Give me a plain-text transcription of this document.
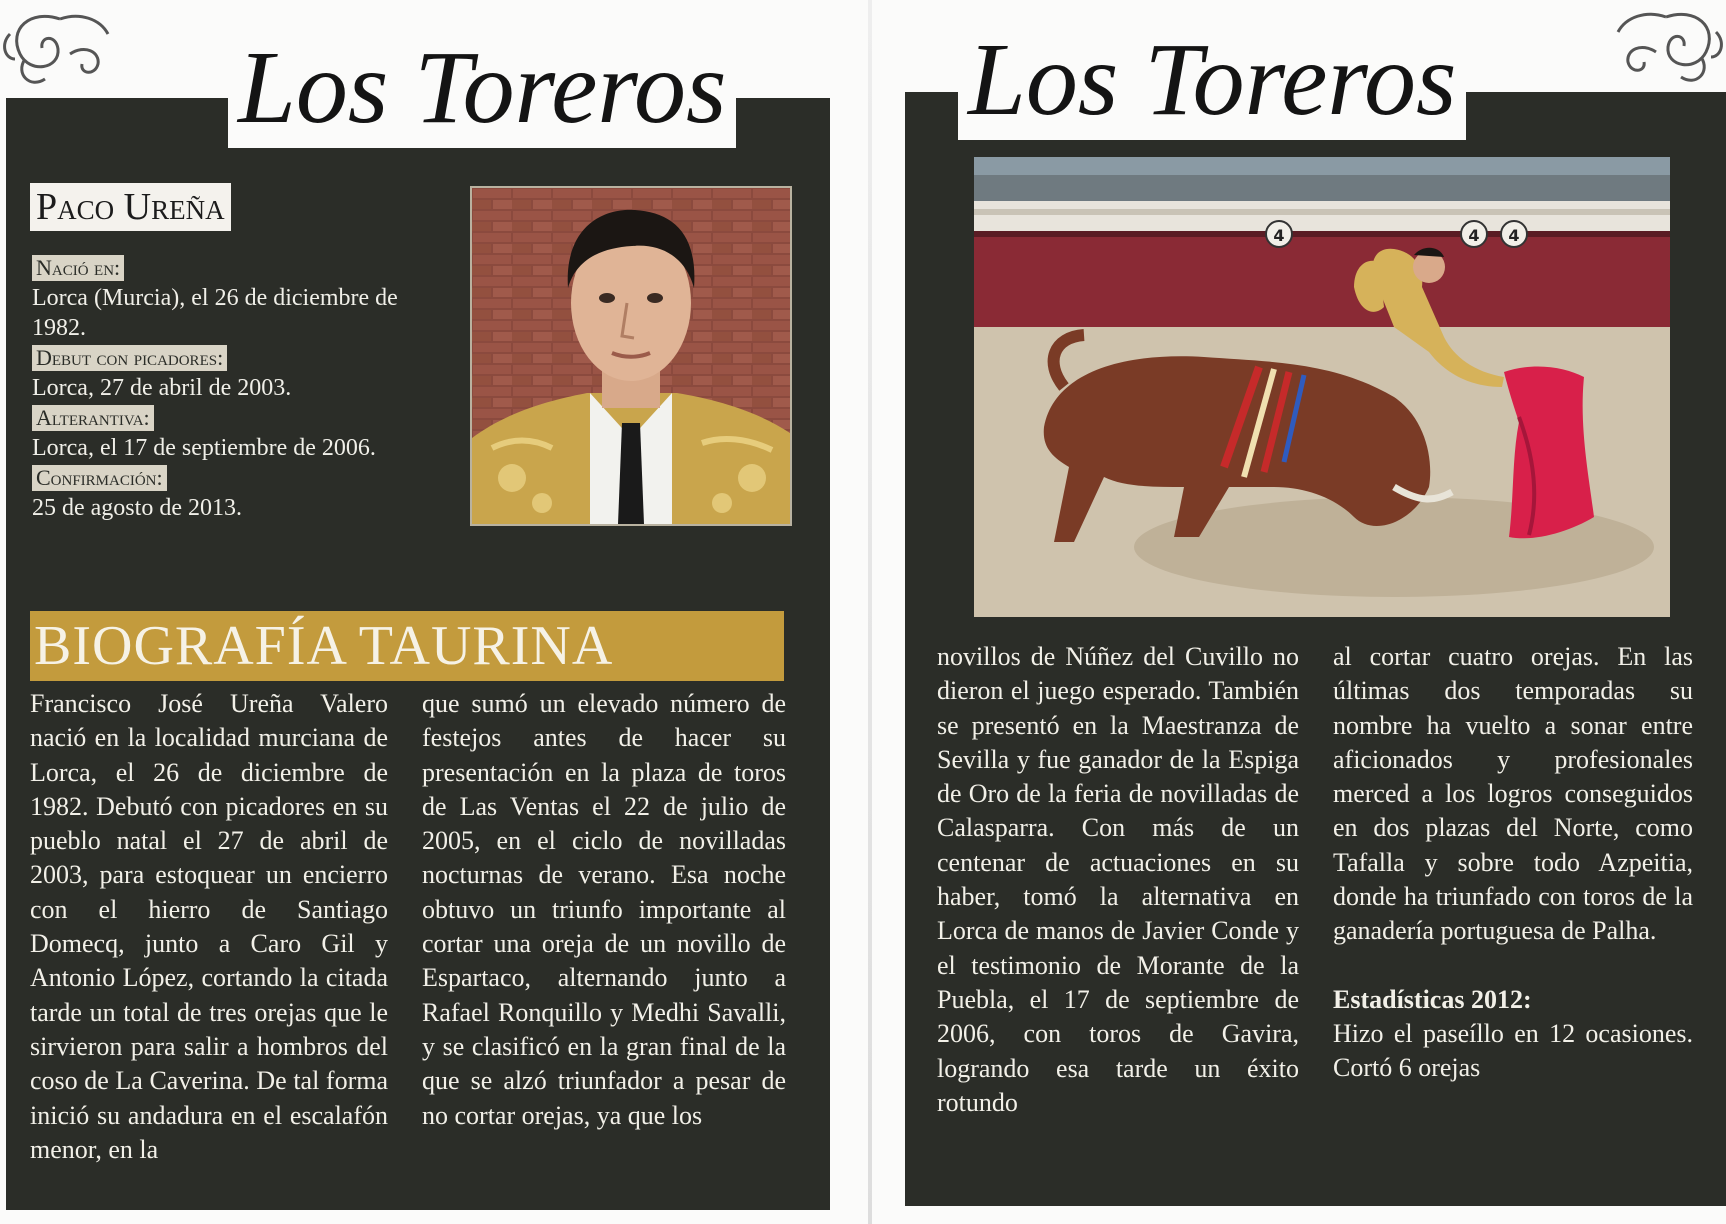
Los Toreros
Paco Ureña
Nació en:
Lorca (Murcia), el 26 de diciembre de 1982.
Debut con picadores:
Lorca, 27 de abril de 2003.
Alterantiva:
Lorca, el 17 de septiembre de 2006.
Confirmación:
25 de agosto de 2013.
BIOGRAFÍA TAURINA
Francisco José Ureña Valero nació en la localidad murciana de Lorca, el 26 de diciembre de 1982. Debutó con picadores en su pueblo natal el 27 de abril de 2003, para estoquear un encierro con el hierro de Santiago Domecq, junto a Caro Gil y Antonio López, cortando la citada tarde un total de tres orejas que le sirvieron para salir a hombros del coso de La Caverina. De tal forma inició su andadura en el escalafón menor, en la
que sumó un elevado número de festejos antes de hacer su presentación en la plaza de toros de Las Ventas el 22 de julio de 2005, en el ciclo de novilladas nocturnas de verano. Esa noche obtuvo un triunfo importante al cortar una oreja de un novillo de Espartaco, alternando junto a Rafael Ronquillo y Medhi Savalli, y se clasificó en la gran final de la que se alzó triunfador a pesar de no cortar orejas, ya que los
Los Toreros
4	4 4
novillos de Núñez del Cuvillo no dieron el juego esperado. También se presentó en la Maestranza de Sevilla y fue ganador de la Espiga de Oro de la feria de novilladas de Calasparra. Con más de un centenar de actuaciones en su haber, tomó la alternativa en Lorca de manos de Javier Conde y el testimonio de Morante de la Puebla, el 17 de septiembre de 2006, con toros de Gavira, logrando esa tarde un éxito rotundo
al cortar cuatro orejas. En las últimas dos temporadas su nombre ha vuelto a sonar entre aficionados y profesionales merced a los logros conseguidos en dos plazas del Norte, como Tafalla y sobre todo Azpeitia, donde ha triunfado con toros de la ganadería portuguesa de Palha.
Estadísticas 2012:
Hizo el paseíllo en 12 ocasiones. Cortó 6 orejas
